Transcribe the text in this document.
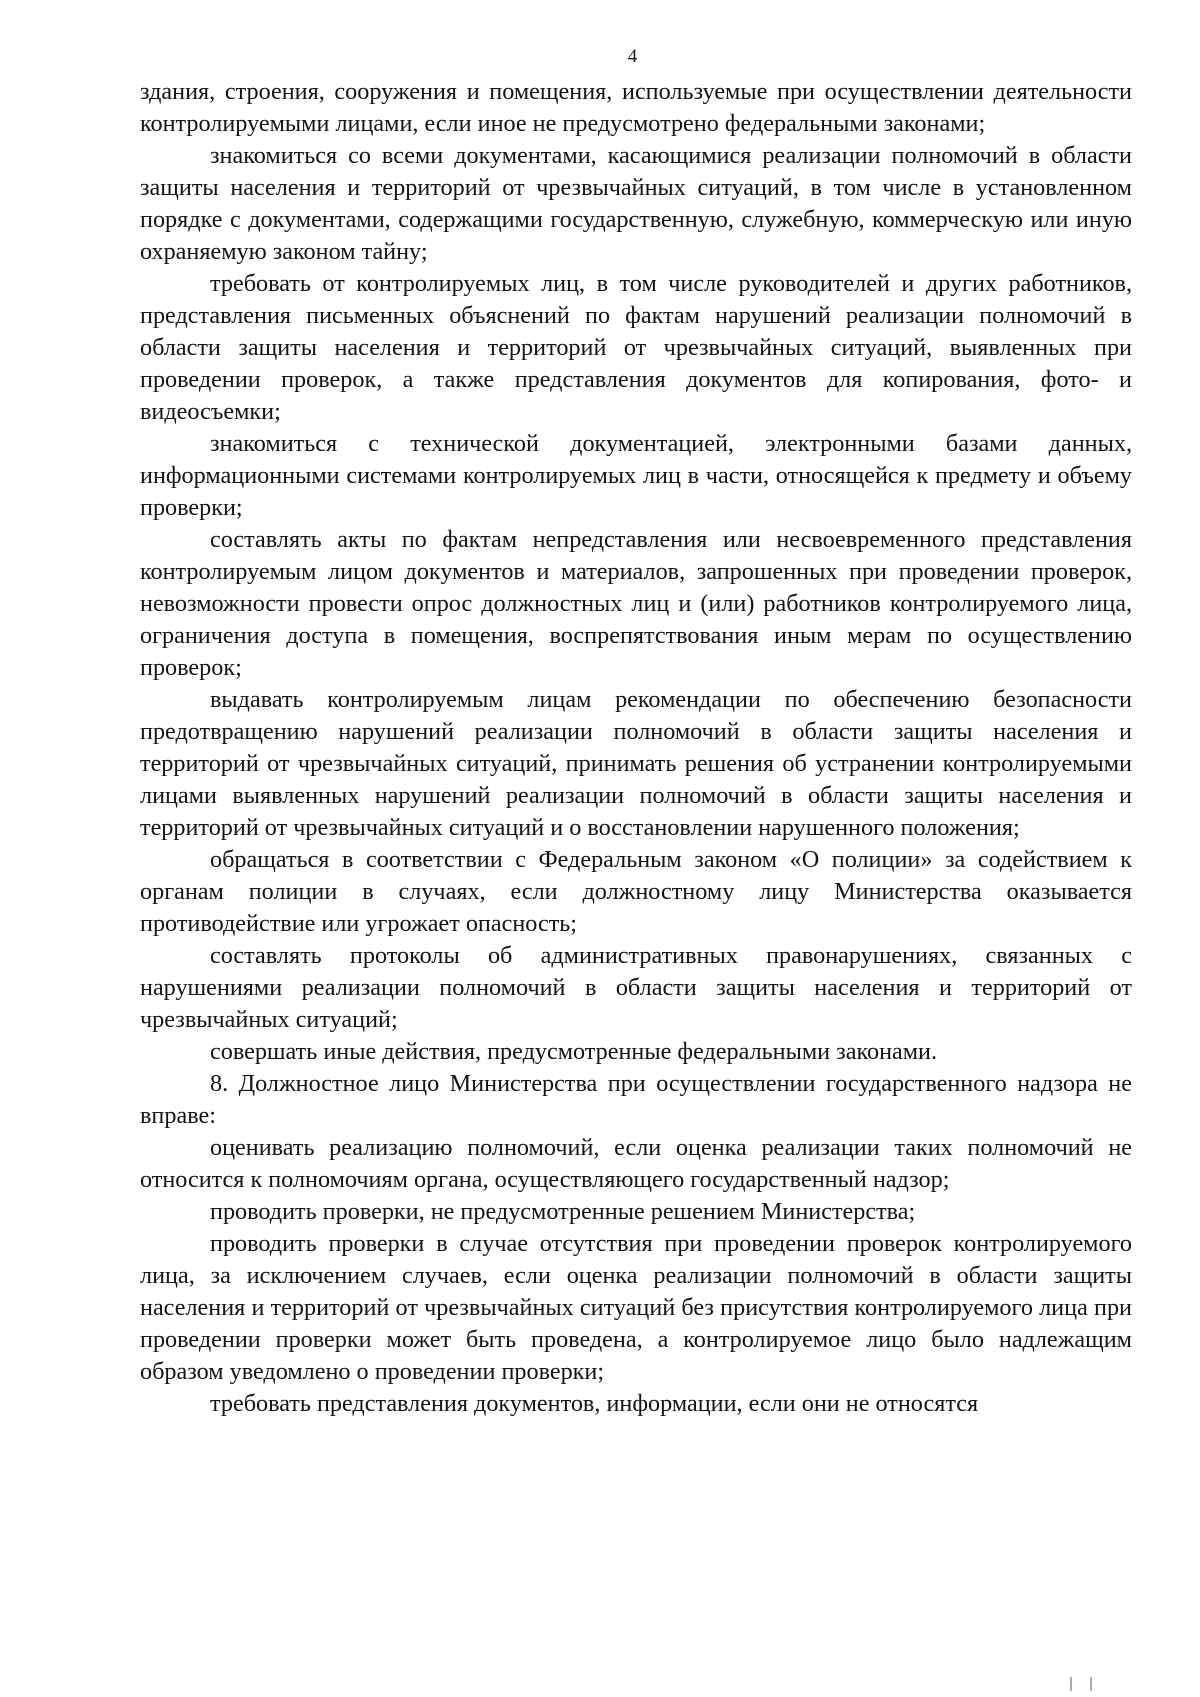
4

здания, строения, сооружения и помещения, используемые при осуществлении деятельности контролируемыми лицами, если иное не предусмотрено федеральными законами;

знакомиться со всеми документами, касающимися реализации полномочий в области защиты населения и территорий от чрезвычайных ситуаций, в том числе в установленном порядке с документами, содержащими государственную, служебную, коммерческую или иную охраняемую законом тайну;

требовать от контролируемых лиц, в том числе руководителей и других работников, представления письменных объяснений по фактам нарушений реализации полномочий в области защиты населения и территорий от чрезвычайных ситуаций, выявленных при проведении проверок, а также представления документов для копирования, фото- и видеосъемки;

знакомиться с технической документацией, электронными базами данных, информационными системами контролируемых лиц в части, относящейся к предмету и объему проверки;

составлять акты по фактам непредставления или несвоевременного представления контролируемым лицом документов и материалов, запрошенных при проведении проверок, невозможности провести опрос должностных лиц и (или) работников контролируемого лица, ограничения доступа в помещения, воспрепятствования иным мерам по осуществлению проверок;

выдавать контролируемым лицам рекомендации по обеспечению безопасности предотвращению нарушений реализации полномочий в области защиты населения и территорий от чрезвычайных ситуаций, принимать решения об устранении контролируемыми лицами выявленных нарушений реализации полномочий в области защиты населения и территорий от чрезвычайных ситуаций и о восстановлении нарушенного положения;

обращаться в соответствии с Федеральным законом «О полиции» за содействием к органам полиции в случаях, если должностному лицу Министерства оказывается противодействие или угрожает опасность;

составлять протоколы об административных правонарушениях, связанных с нарушениями реализации полномочий в области защиты населения и территорий от чрезвычайных ситуаций;

совершать иные действия, предусмотренные федеральными законами.

8. Должностное лицо Министерства при осуществлении государственного надзора не вправе:

оценивать реализацию полномочий, если оценка реализации таких полномочий не относится к полномочиям органа, осуществляющего государственный надзор;

проводить проверки, не предусмотренные решением Министерства;

проводить проверки в случае отсутствия при проведении проверок контролируемого лица, за исключением случаев, если оценка реализации полномочий в области защиты населения и территорий от чрезвычайных ситуаций без присутствия контролируемого лица при проведении проверки может быть проведена, а контролируемое лицо было надлежащим образом уведомлено о проведении проверки;

требовать представления документов, информации, если они не относятся
